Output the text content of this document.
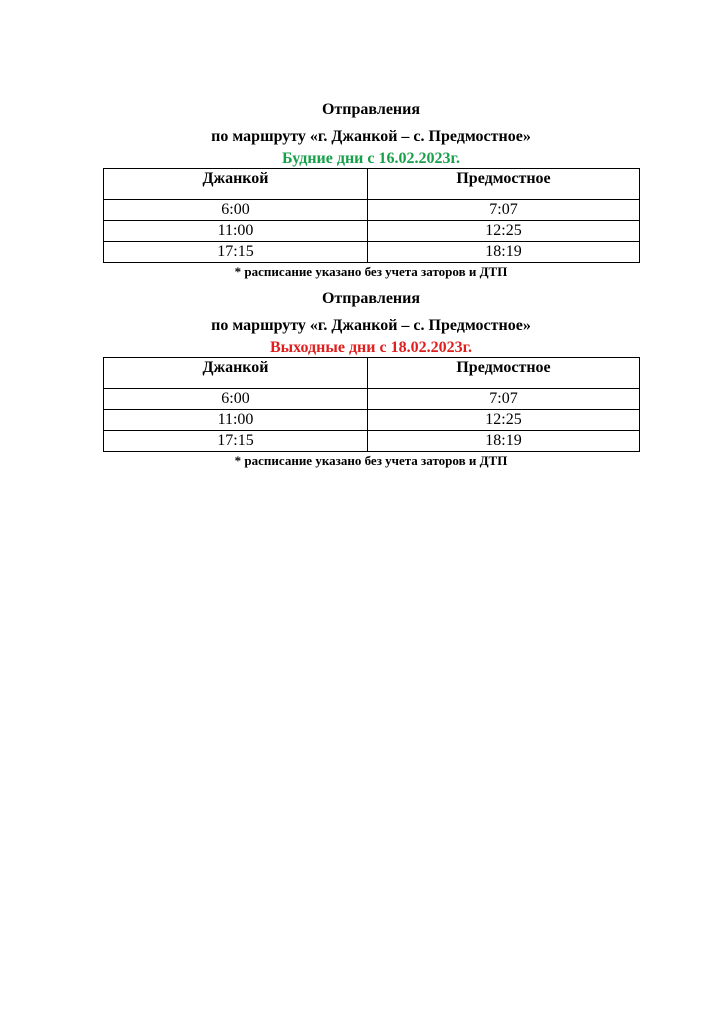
Отправления
по маршруту «г. Джанкой – с. Предмостное»
Будние дни с 16.02.2023г.
Джанкой	Предмостное
6:00	7:07
11:00	12:25
17:15	18:19
* расписание указано без учета заторов и ДТП
Отправления
по маршруту «г. Джанкой – с. Предмостное»
Выходные дни с 18.02.2023г.
Джанкой	Предмостное
6:00	7:07
11:00	12:25
17:15	18:19
* расписание указано без учета заторов и ДТП
